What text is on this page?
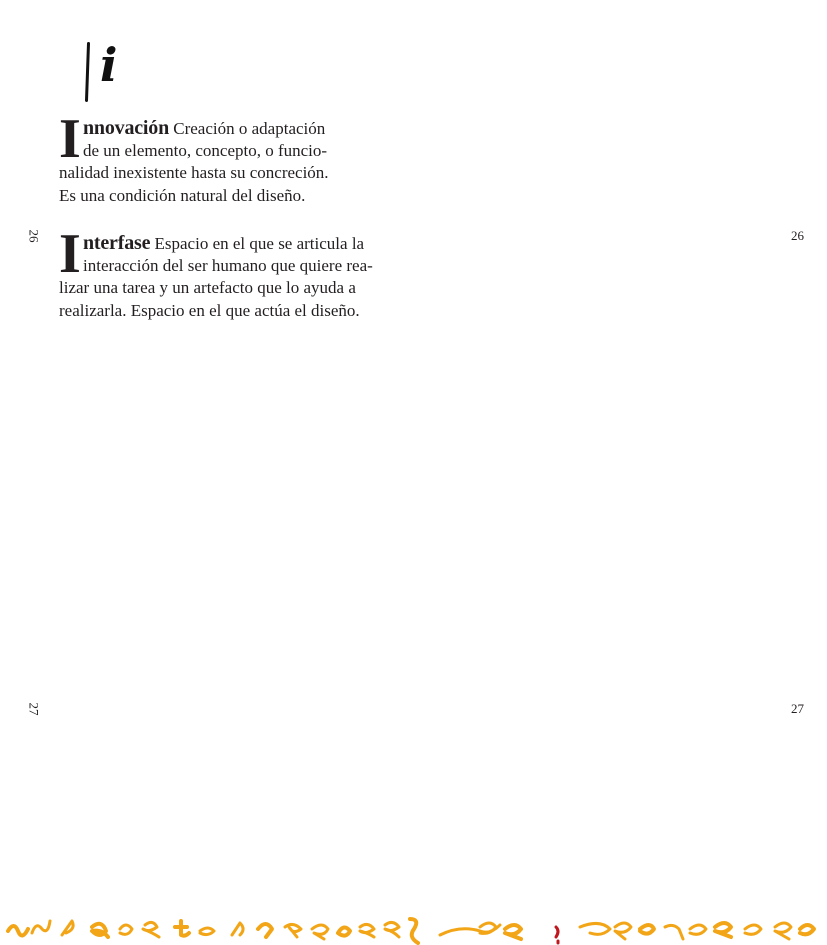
i
I nnovación Creación o adaptación
de un elemento, concepto, o funcio-
nalidad inexistente hasta su concreción.
Es una condición natural del diseño.
I nterfase Espacio en el que se articula la
interacción del ser humano que quiere rea-
lizar una tarea y un artefacto que lo ayuda a
realizarla. Espacio en el que actúa el diseño.
26	26
27	27
